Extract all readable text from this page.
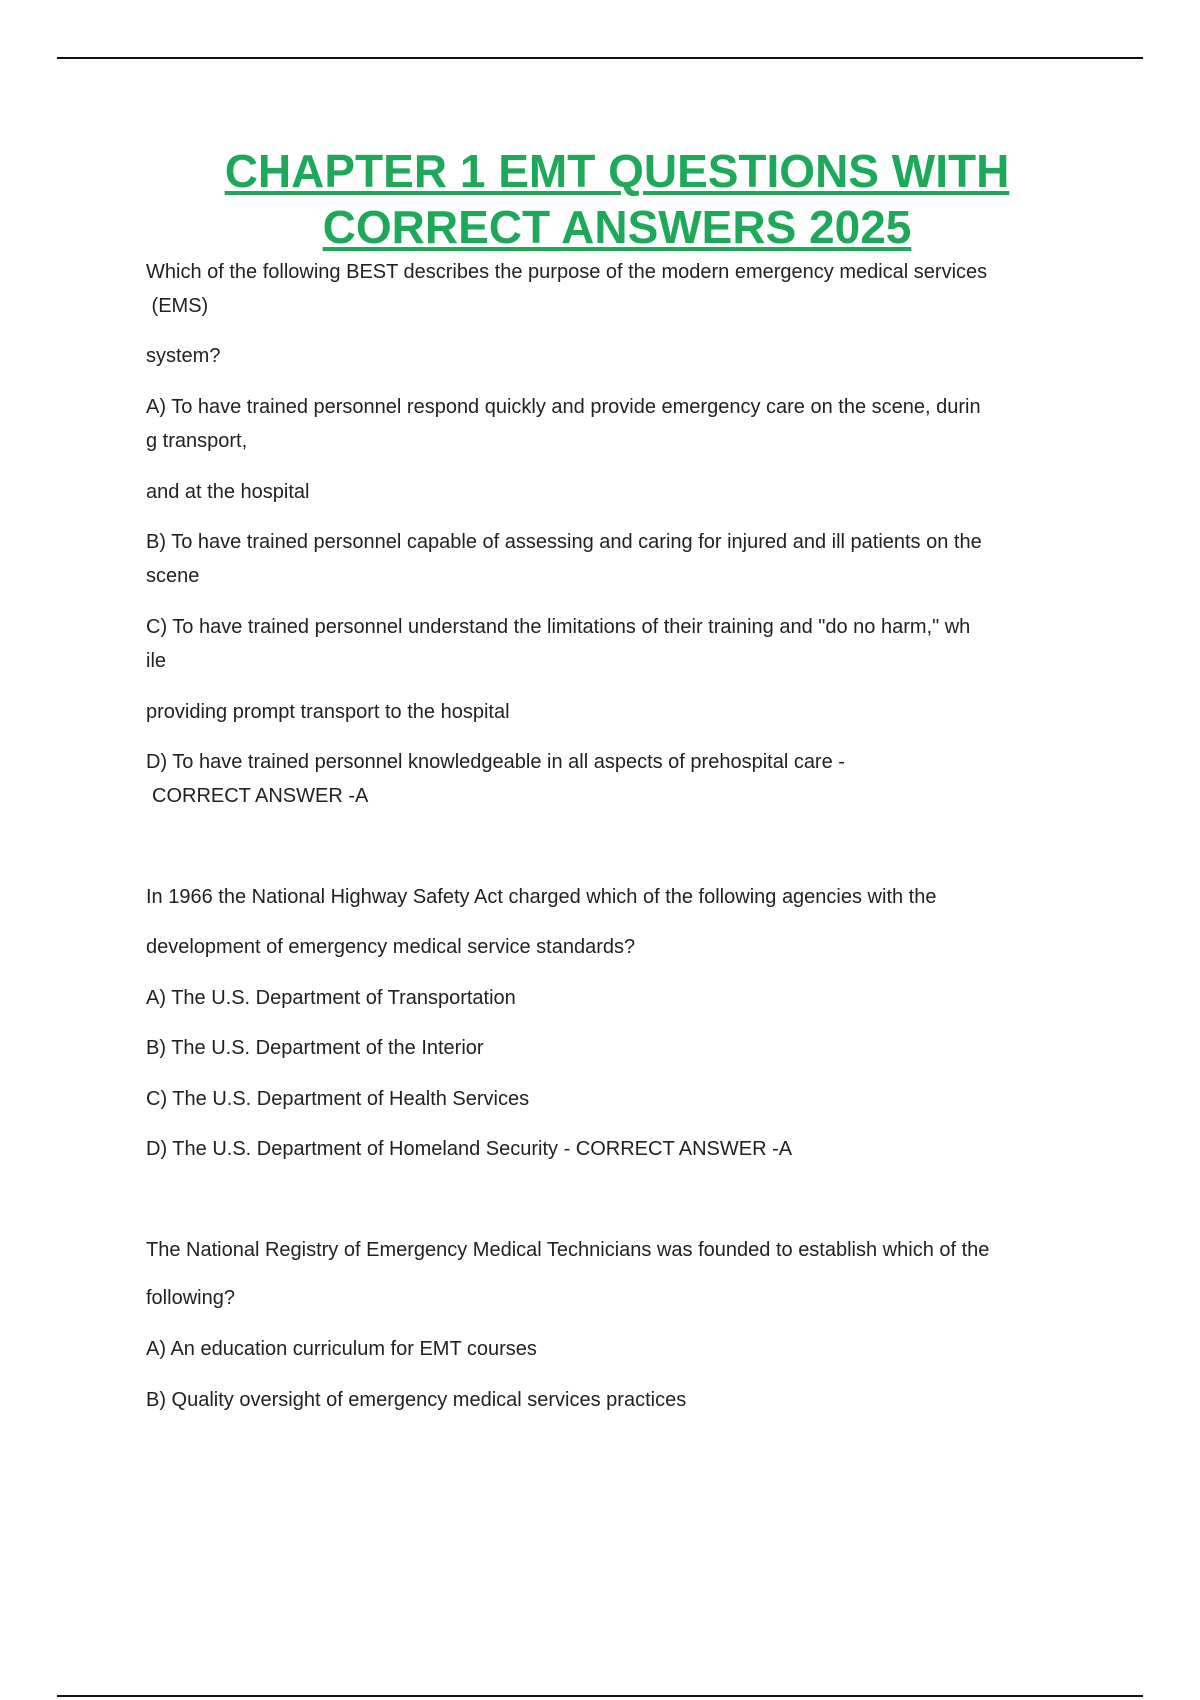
CHAPTER 1 EMT QUESTIONS WITH
CORRECT ANSWERS 2025

Which of the following BEST describes the purpose of the modern emergency medical services

(EMS)

system?

A) To have trained personnel respond quickly and provide emergency care on the scene, durin

g transport,

and at the hospital

B) To have trained personnel capable of assessing and caring for injured and ill patients on the

scene

C) To have trained personnel understand the limitations of their training and "do no harm," wh

ile

providing prompt transport to the hospital

D) To have trained personnel knowledgeable in all aspects of prehospital care -

CORRECT ANSWER -A

In 1966 the National Highway Safety Act charged which of the following agencies with the

development of emergency medical service standards?

A) The U.S. Department of Transportation

B) The U.S. Department of the Interior

C) The U.S. Department of Health Services

D) The U.S. Department of Homeland Security - CORRECT ANSWER -A

The National Registry of Emergency Medical Technicians was founded to establish which of the

following?

A) An education curriculum for EMT courses

B) Quality oversight of emergency medical services practices
